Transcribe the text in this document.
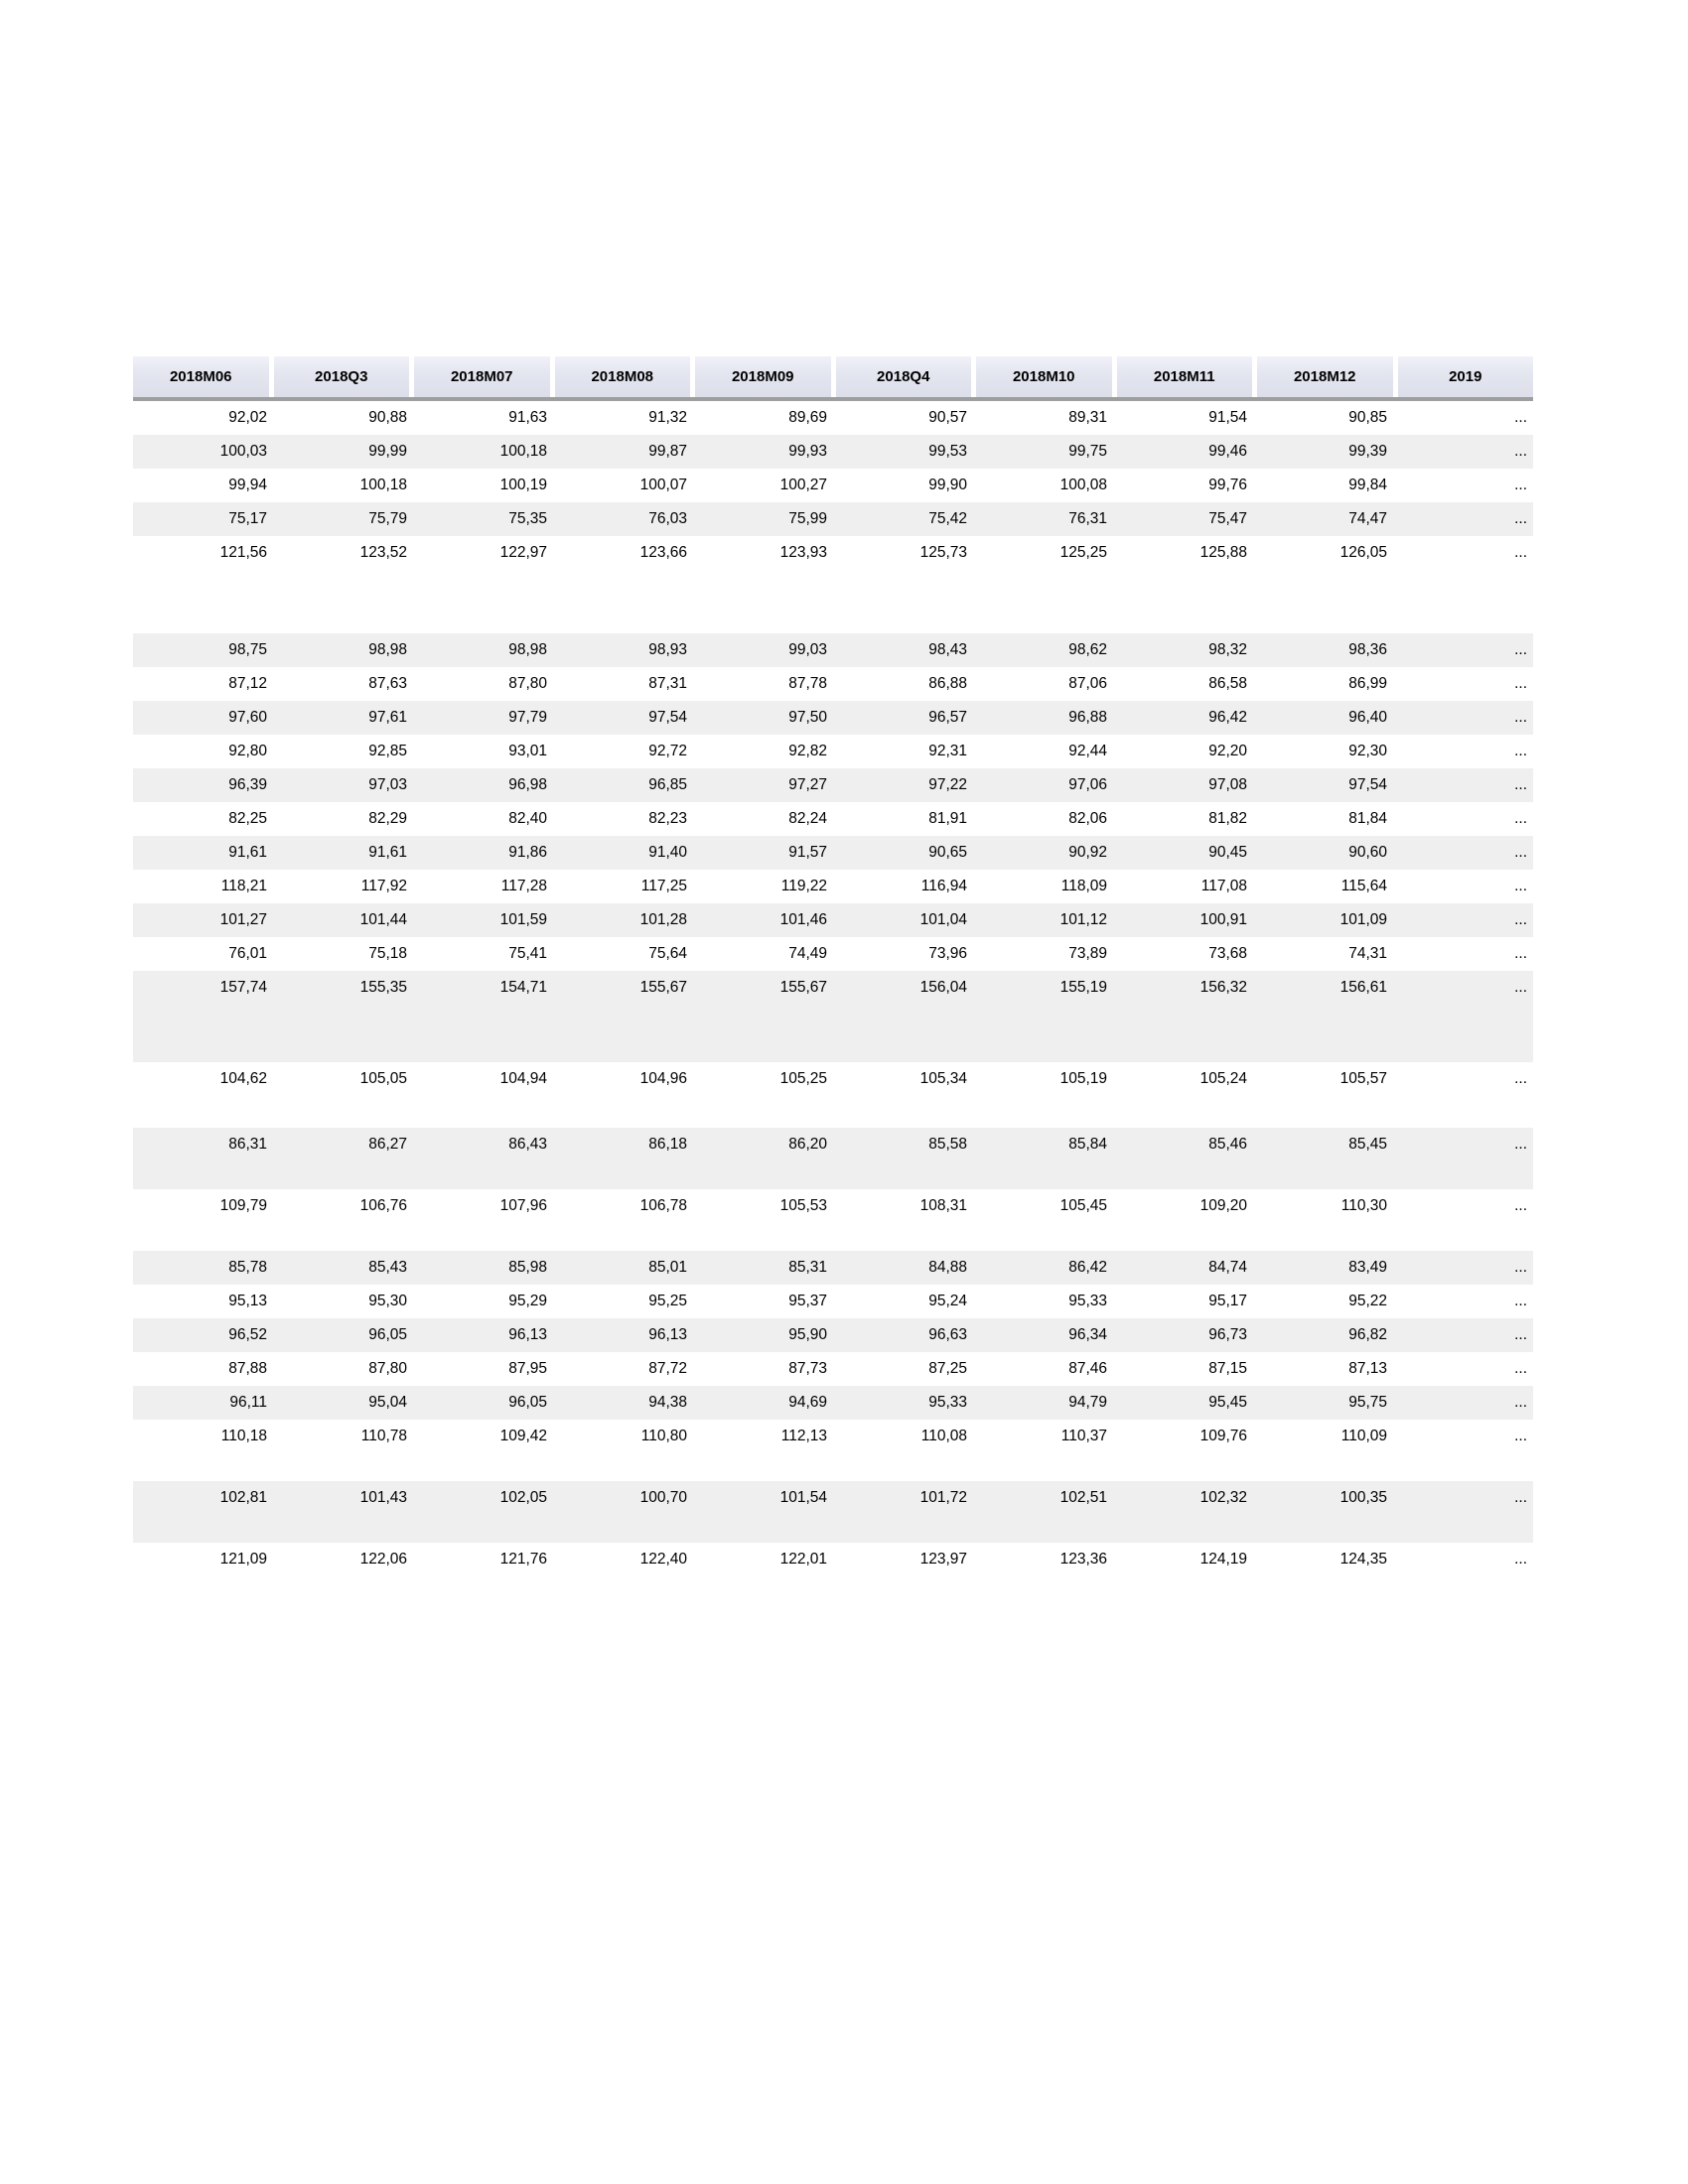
2018M06	2018Q3	2018M07	2018M08	2018M09	2018Q4	2018M10	2018M11	2018M12	2019
92,02	90,88	91,63	91,32	89,69	90,57	89,31	91,54	90,85	...
100,03	99,99	100,18	99,87	99,93	99,53	99,75	99,46	99,39	...
99,94	100,18	100,19	100,07	100,27	99,90	100,08	99,76	99,84	...
75,17	75,79	75,35	76,03	75,99	75,42	76,31	75,47	74,47	...
121,56	123,52	122,97	123,66	123,93	125,73	125,25	125,88	126,05	...
98,75	98,98	98,98	98,93	99,03	98,43	98,62	98,32	98,36	...
87,12	87,63	87,80	87,31	87,78	86,88	87,06	86,58	86,99	...
97,60	97,61	97,79	97,54	97,50	96,57	96,88	96,42	96,40	...
92,80	92,85	93,01	92,72	92,82	92,31	92,44	92,20	92,30	...
96,39	97,03	96,98	96,85	97,27	97,22	97,06	97,08	97,54	...
82,25	82,29	82,40	82,23	82,24	81,91	82,06	81,82	81,84	...
91,61	91,61	91,86	91,40	91,57	90,65	90,92	90,45	90,60	...
118,21	117,92	117,28	117,25	119,22	116,94	118,09	117,08	115,64	...
101,27	101,44	101,59	101,28	101,46	101,04	101,12	100,91	101,09	...
76,01	75,18	75,41	75,64	74,49	73,96	73,89	73,68	74,31	...
157,74	155,35	154,71	155,67	155,67	156,04	155,19	156,32	156,61	...
104,62	105,05	104,94	104,96	105,25	105,34	105,19	105,24	105,57	...
86,31	86,27	86,43	86,18	86,20	85,58	85,84	85,46	85,45	...
109,79	106,76	107,96	106,78	105,53	108,31	105,45	109,20	110,30	...
85,78	85,43	85,98	85,01	85,31	84,88	86,42	84,74	83,49	...
95,13	95,30	95,29	95,25	95,37	95,24	95,33	95,17	95,22	...
96,52	96,05	96,13	96,13	95,90	96,63	96,34	96,73	96,82	...
87,88	87,80	87,95	87,72	87,73	87,25	87,46	87,15	87,13	...
96,11	95,04	96,05	94,38	94,69	95,33	94,79	95,45	95,75	...
110,18	110,78	109,42	110,80	112,13	110,08	110,37	109,76	110,09	...
102,81	101,43	102,05	100,70	101,54	101,72	102,51	102,32	100,35	...
121,09	122,06	121,76	122,40	122,01	123,97	123,36	124,19	124,35	...
